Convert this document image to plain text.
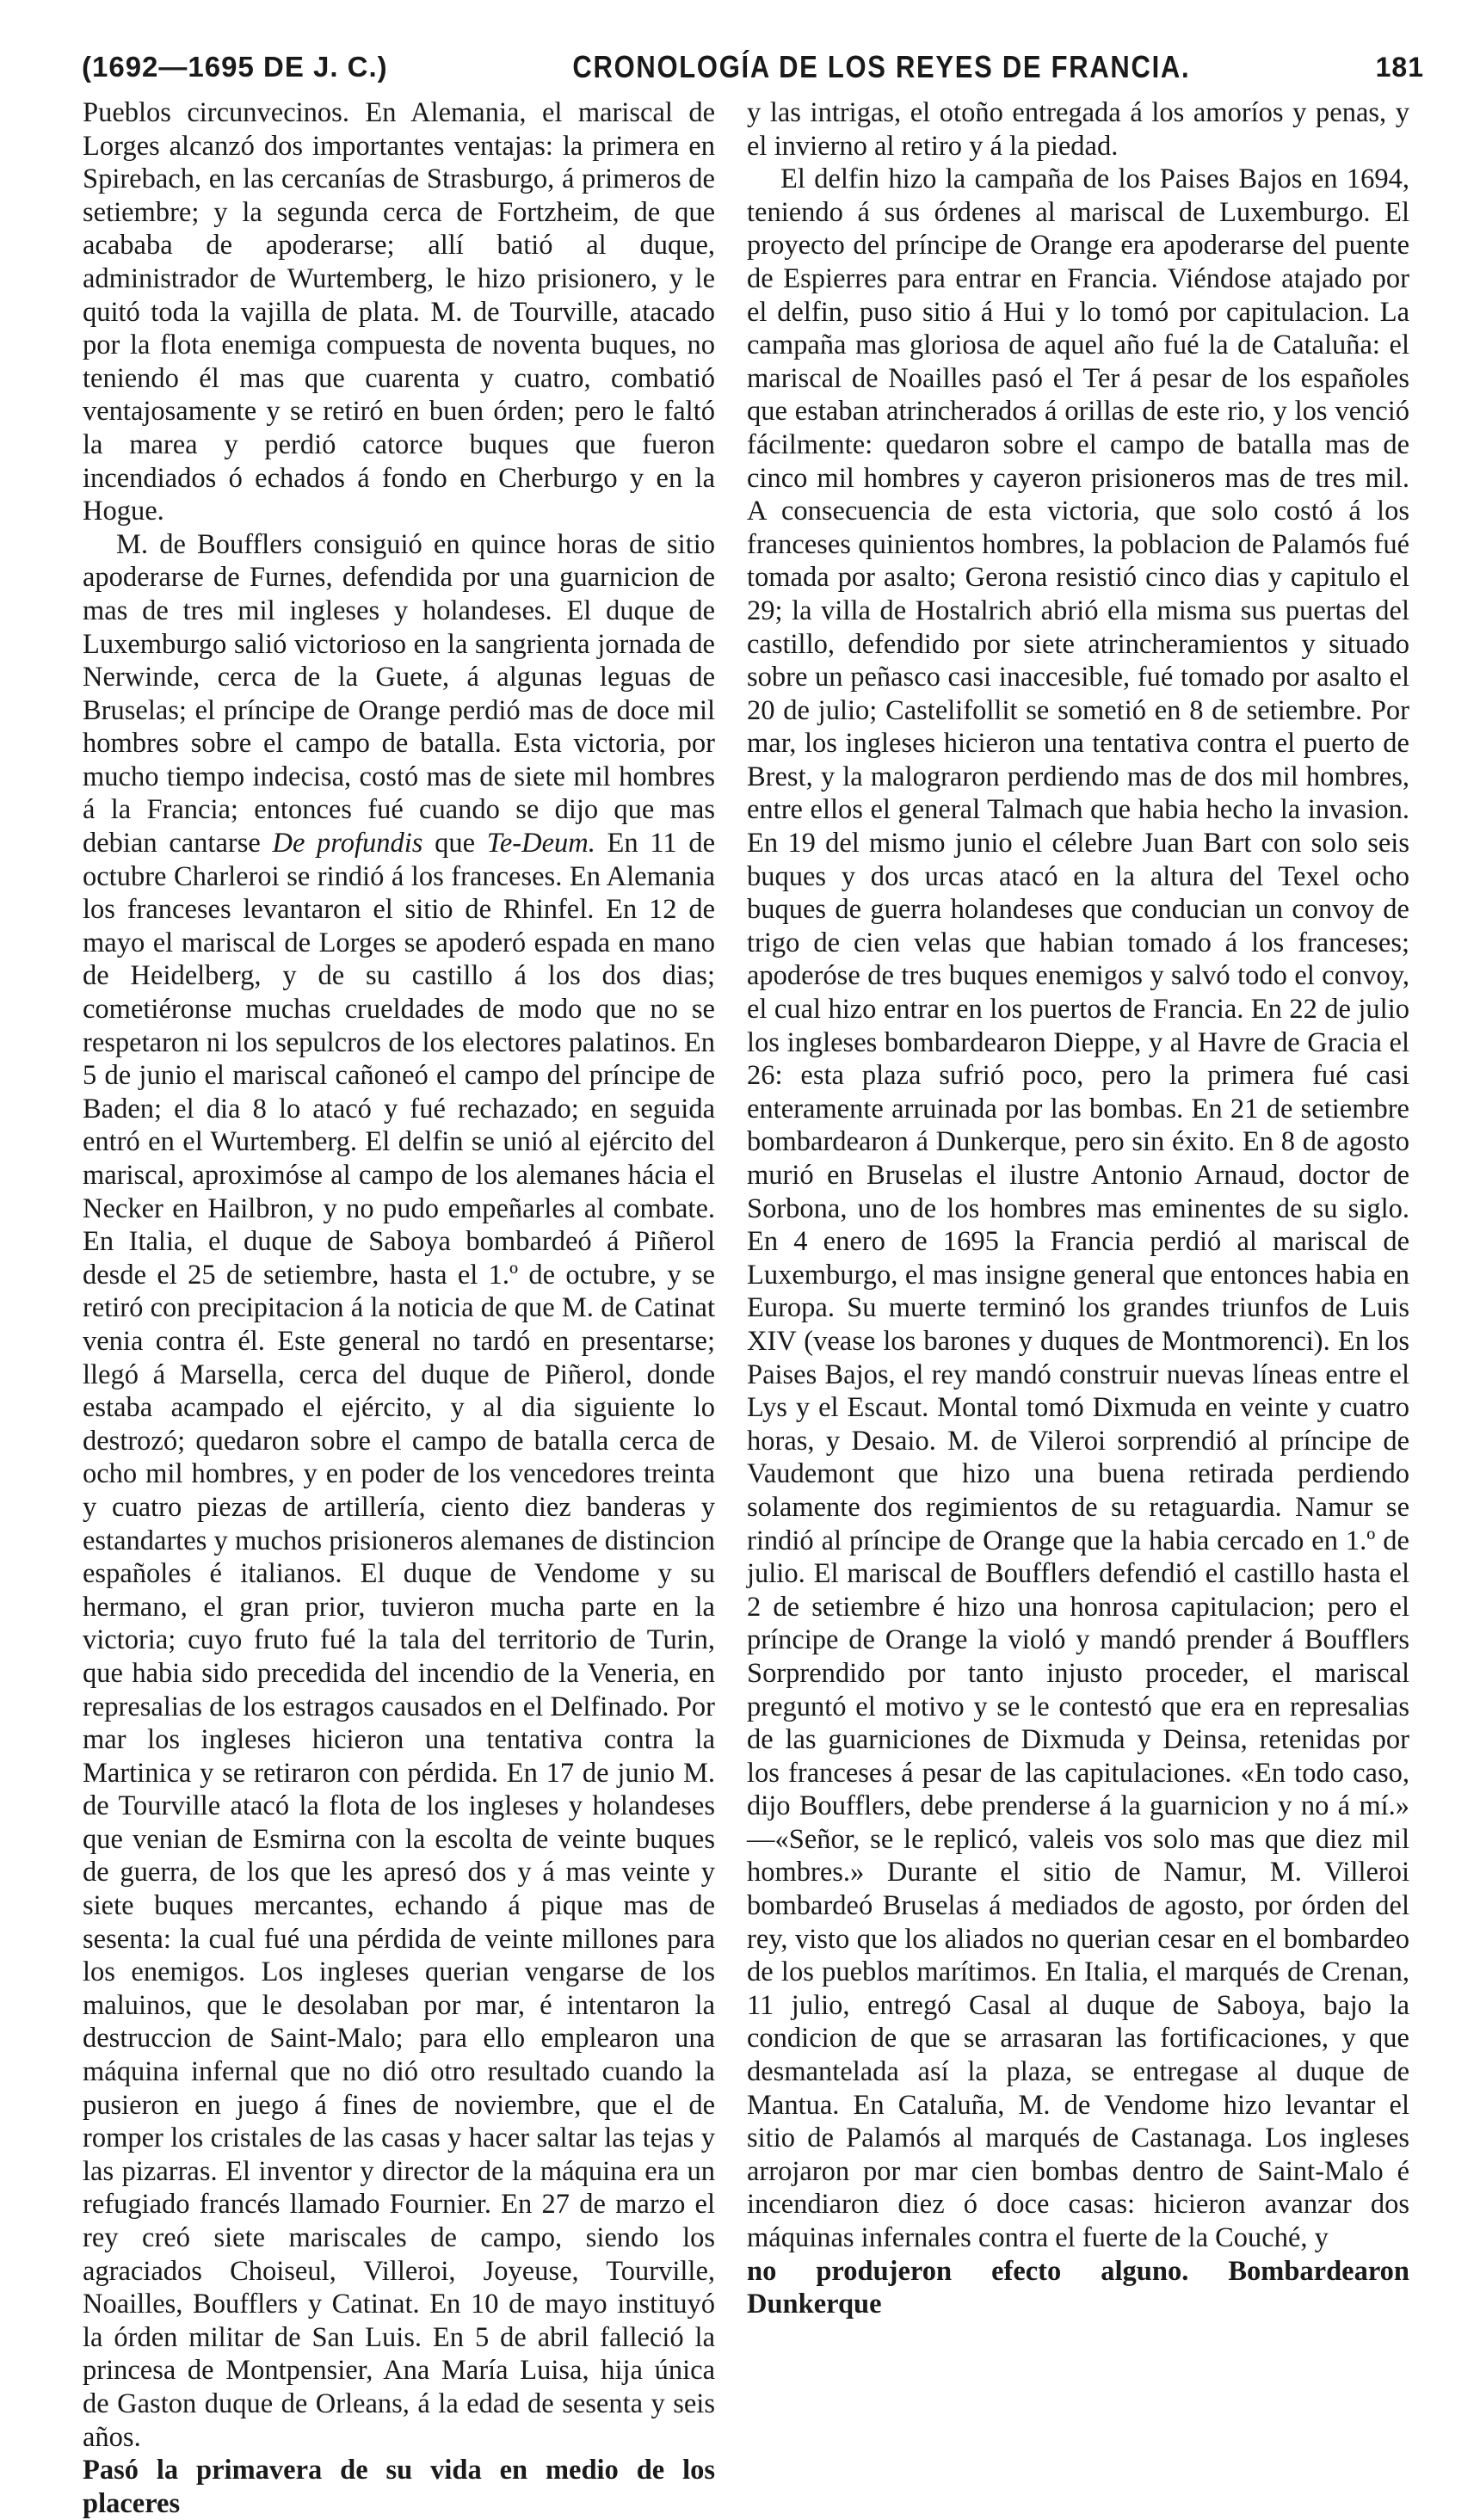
(1692—1695 DE J. C.)	CRONOLOGÍA DE LOS REYES DE FRANCIA.	181

Pueblos circunvecinos. En Alemania, el mariscal de Lorges alcanzó dos importantes ventajas: la primera en Spirebach, en las cercanías de Strasburgo, á primeros de setiembre; y la segunda cerca de Fortzheim, de que acababa de apoderarse; allí batió al duque, administrador de Wurtemberg, le hizo prisionero, y le quitó toda la vajilla de plata. M. de Tourville, atacado por la flota enemiga compuesta de noventa buques, no teniendo él mas que cuarenta y cuatro, combatió ventajosamente y se retiró en buen órden; pero le faltó la marea y perdió catorce buques que fueron incendiados ó echados á fondo en Cherburgo y en la Hogue.

M. de Boufflers consiguió en quince horas de sitio apoderarse de Furnes, defendida por una guarnicion de mas de tres mil ingleses y holandeses. El duque de Luxemburgo salió victorioso en la sangrienta jornada de Nerwinde, cerca de la Guete, á algunas leguas de Bruselas; el príncipe de Orange perdió mas de doce mil hombres sobre el campo de batalla. Esta victoria, por mucho tiempo indecisa, costó mas de siete mil hombres á la Francia; entonces fué cuando se dijo que mas debian cantarse De profundis que Te-Deum. En 11 de octubre Charleroi se rindió á los franceses. En Alemania los franceses levantaron el sitio de Rhinfel. En 12 de mayo el mariscal de Lorges se apoderó espada en mano de Heidelberg, y de su castillo á los dos dias; cometiéronse muchas crueldades de modo que no se respetaron ni los sepulcros de los electores palatinos. En 5 de junio el mariscal cañoneó el campo del príncipe de Baden; el dia 8 lo atacó y fué rechazado; en seguida entró en el Wurtemberg. El delfin se unió al ejército del mariscal, aproximóse al campo de los alemanes hácia el Necker en Hailbron, y no pudo empeñarles al combate. En Italia, el duque de Saboya bombardeó á Piñerol desde el 25 de setiembre, hasta el 1.º de octubre, y se retiró con precipitacion á la noticia de que M. de Catinat venia contra él. Este general no tardó en presentarse; llegó á Marsella, cerca del duque de Piñerol, donde estaba acampado el ejército, y al dia siguiente lo destrozó; quedaron sobre el campo de batalla cerca de ocho mil hombres, y en poder de los vencedores treinta y cuatro piezas de artillería, ciento diez banderas y estandartes y muchos prisioneros alemanes de distincion españoles é italianos. El duque de Vendome y su hermano, el gran prior, tuvieron mucha parte en la victoria; cuyo fruto fué la tala del territorio de Turin, que habia sido precedida del incendio de la Veneria, en represalias de los estragos causados en el Delfinado. Por mar los ingleses hicieron una tentativa contra la Martinica y se retiraron con pérdida. En 17 de junio M. de Tourville atacó la flota de los ingleses y holandeses que venian de Esmirna con la escolta de veinte buques de guerra, de los que les apresó dos y á mas veinte y siete buques mercantes, echando á pique mas de sesenta: la cual fué una pérdida de veinte millones para los enemigos. Los ingleses querian vengarse de los maluinos, que le desolaban por mar, é intentaron la destruccion de Saint-Malo; para ello emplearon una máquina infernal que no dió otro resultado cuando la pusieron en juego á fines de noviembre, que el de romper los cristales de las casas y hacer saltar las tejas y las pizarras. El inventor y director de la máquina era un refugiado francés llamado Fournier. En 27 de marzo el rey creó siete mariscales de campo, siendo los agraciados Choiseul, Villeroi, Joyeuse, Tourville, Noailles, Boufflers y Catinat. En 10 de mayo instituyó la órden militar de San Luis. En 5 de abril falleció la princesa de Montpensier, Ana María Luisa, hija única de Gaston duque de Orleans, á la edad de sesenta y seis años.

Pasó la primavera de su vida en medio de los placeres

y las intrigas, el otoño entregada á los amoríos y penas, y el invierno al retiro y á la piedad.

El delfin hizo la campaña de los Paises Bajos en 1694, teniendo á sus órdenes al mariscal de Luxemburgo. El proyecto del príncipe de Orange era apoderarse del puente de Espierres para entrar en Francia. Viéndose atajado por el delfin, puso sitio á Hui y lo tomó por capitulacion. La campaña mas gloriosa de aquel año fué la de Cataluña: el mariscal de Noailles pasó el Ter á pesar de los españoles que estaban atrincherados á orillas de este rio, y los venció fácilmente: quedaron sobre el campo de batalla mas de cinco mil hombres y cayeron prisioneros mas de tres mil. A consecuencia de esta victoria, que solo costó á los franceses quinientos hombres, la poblacion de Palamós fué tomada por asalto; Gerona resistió cinco dias y capitulo el 29; la villa de Hostalrich abrió ella misma sus puertas del castillo, defendido por siete atrincheramientos y situado sobre un peñasco casi inaccesible, fué tomado por asalto el 20 de julio; Castelifollit se sometió en 8 de setiembre. Por mar, los ingleses hicieron una tentativa contra el puerto de Brest, y la malograron perdiendo mas de dos mil hombres, entre ellos el general Talmach que habia hecho la invasion. En 19 del mismo junio el célebre Juan Bart con solo seis buques y dos urcas atacó en la altura del Texel ocho buques de guerra holandeses que conducian un convoy de trigo de cien velas que habian tomado á los franceses; apoderóse de tres buques enemigos y salvó todo el convoy, el cual hizo entrar en los puertos de Francia. En 22 de julio los ingleses bombardearon Dieppe, y al Havre de Gracia el 26: esta plaza sufrió poco, pero la primera fué casi enteramente arruinada por las bombas. En 21 de setiembre bombardearon á Dunkerque, pero sin éxito. En 8 de agosto murió en Bruselas el ilustre Antonio Arnaud, doctor de Sorbona, uno de los hombres mas eminentes de su siglo. En 4 enero de 1695 la Francia perdió al mariscal de Luxemburgo, el mas insigne general que entonces habia en Europa. Su muerte terminó los grandes triunfos de Luis XIV (vease los barones y duques de Montmorenci). En los Paises Bajos, el rey mandó construir nuevas líneas entre el Lys y el Escaut. Montal tomó Dixmuda en veinte y cuatro horas, y Desaio. M. de Vileroi sorprendió al príncipe de Vaudemont que hizo una buena retirada perdiendo solamente dos regimientos de su retaguardia. Namur se rindió al príncipe de Orange que la habia cercado en 1.º de julio. El mariscal de Boufflers defendió el castillo hasta el 2 de setiembre é hizo una honrosa capitulacion; pero el príncipe de Orange la violó y mandó prender á Boufflers Sorprendido por tanto injusto proceder, el mariscal preguntó el motivo y se le contestó que era en represalias de las guarniciones de Dixmuda y Deinsa, retenidas por los franceses á pesar de las capitulaciones. «En todo caso, dijo Boufflers, debe prenderse á la guarnicion y no á mí.» —«Señor, se le replicó, valeis vos solo mas que diez mil hombres.» Durante el sitio de Namur, M. Villeroi bombardeó Bruselas á mediados de agosto, por órden del rey, visto que los aliados no querian cesar en el bombardeo de los pueblos marítimos. En Italia, el marqués de Crenan, 11 julio, entregó Casal al duque de Saboya, bajo la condicion de que se arrasaran las fortificaciones, y que desmantelada así la plaza, se entregase al duque de Mantua. En Cataluña, M. de Vendome hizo levantar el sitio de Palamós al marqués de Castanaga. Los ingleses arrojaron por mar cien bombas dentro de Saint-Malo é incendiaron diez ó doce casas: hicieron avanzar dos máquinas infernales contra el fuerte de la Couché, y

no produjeron efecto alguno. Bombardearon Dunkerque
